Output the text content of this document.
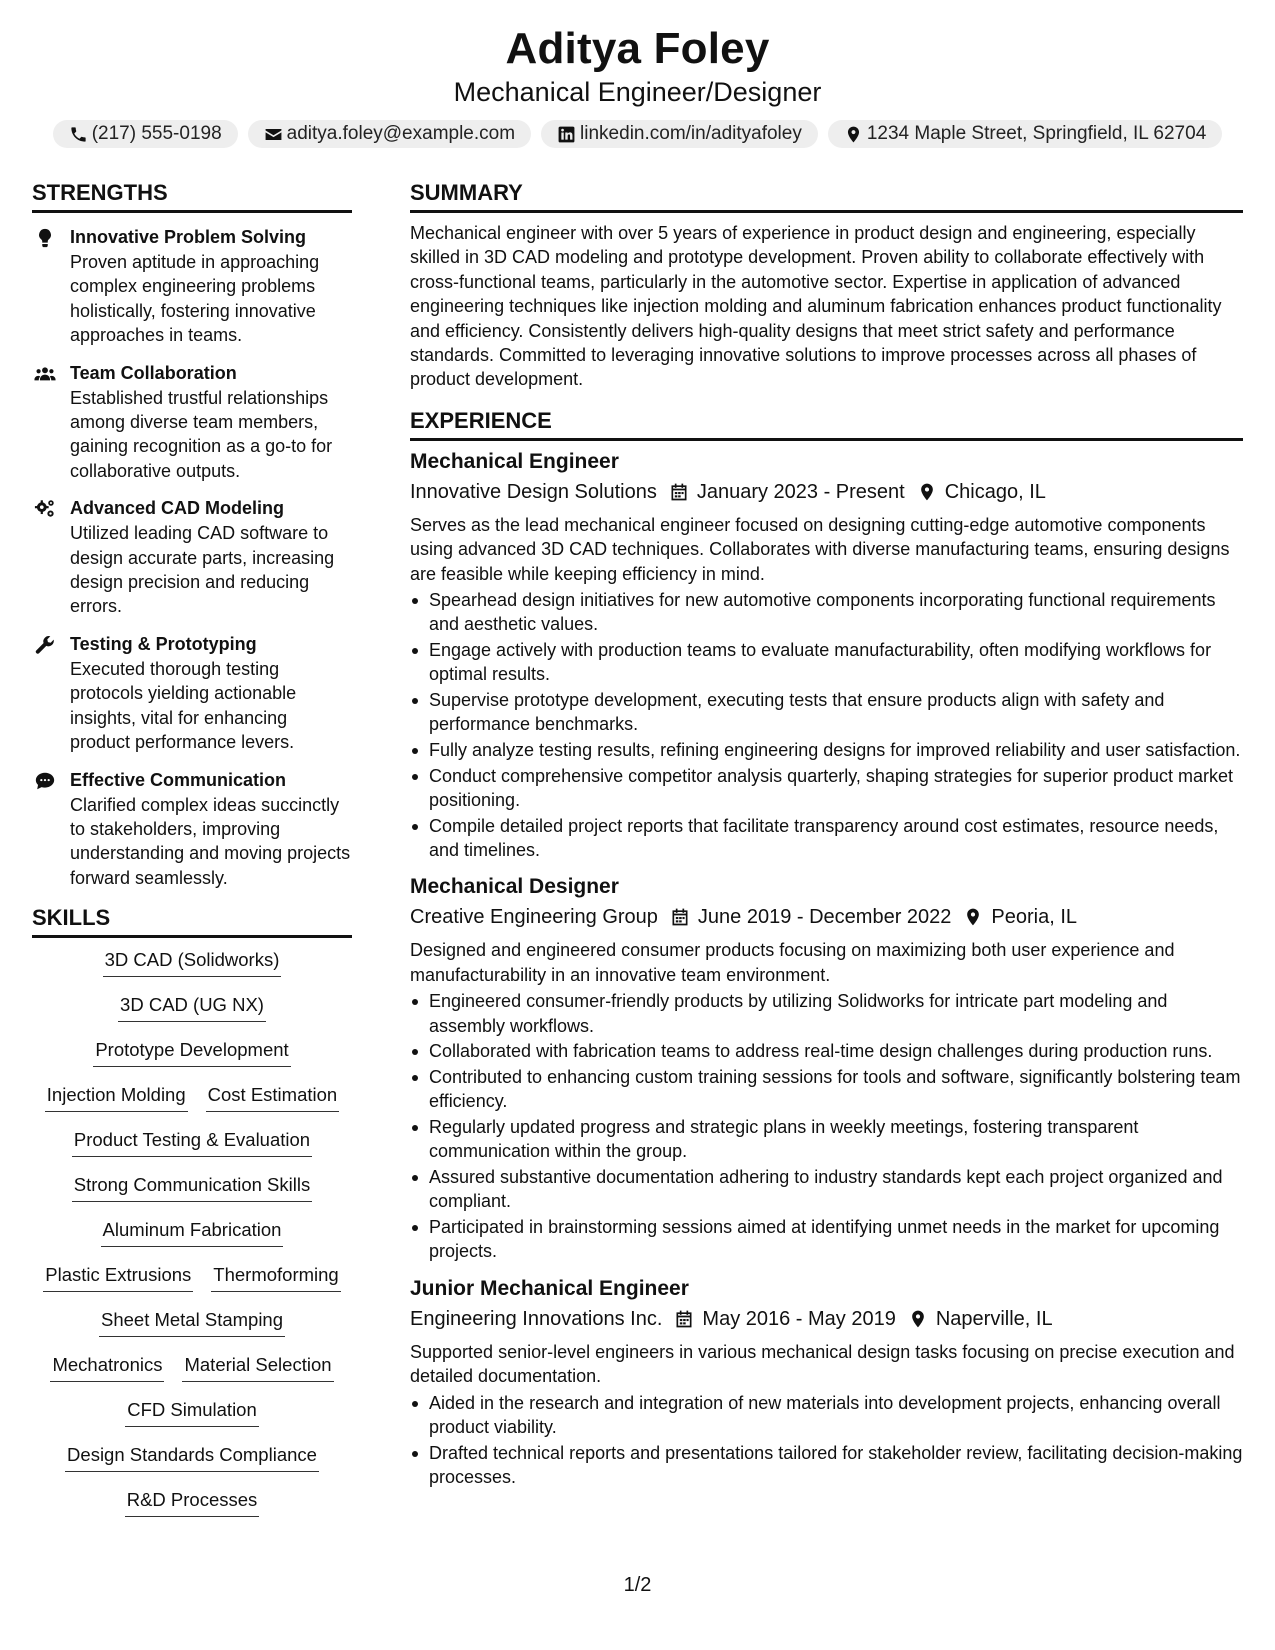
Aditya Foley
Mechanical Engineer/Designer
(217) 555-0198	aditya.foley@example.com	linkedin.com/in/adityafoley	1234 Maple Street, Springfield, IL 62704
STRENGTHS
Innovative Problem Solving
Proven aptitude in approaching complex engineering problems holistically, fostering innovative approaches in teams.
Team Collaboration
Established trustful relationships among diverse team members, gaining recognition as a go-to for collaborative outputs.
Advanced CAD Modeling
Utilized leading CAD software to design accurate parts, increasing design precision and reducing errors.
Testing & Prototyping
Executed thorough testing protocols yielding actionable insights, vital for enhancing product performance levers.
Effective Communication
Clarified complex ideas succinctly to stakeholders, improving understanding and moving projects forward seamlessly.
SKILLS
3D CAD (Solidworks)
3D CAD (UG NX)
Prototype Development
Injection Molding Cost Estimation
Product Testing & Evaluation
Strong Communication Skills
Aluminum Fabrication
Plastic Extrusions Thermoforming
Sheet Metal Stamping
Mechatronics Material Selection
CFD Simulation
Design Standards Compliance
R&D Processes
SUMMARY
Mechanical engineer with over 5 years of experience in product design and engineering, especially skilled in 3D CAD modeling and prototype development. Proven ability to collaborate effectively with cross-functional teams, particularly in the automotive sector. Expertise in application of advanced engineering techniques like injection molding and aluminum fabrication enhances product functionality and efficiency. Consistently delivers high-quality designs that meet strict safety and performance standards. Committed to leveraging innovative solutions to improve processes across all phases of product development.
EXPERIENCE
Mechanical Engineer
Innovative Design Solutions January 2023 - Present Chicago, IL
Serves as the lead mechanical engineer focused on designing cutting-edge automotive components using advanced 3D CAD techniques. Collaborates with diverse manufacturing teams, ensuring designs are feasible while keeping efficiency in mind.
Spearhead design initiatives for new automotive components incorporating functional requirements and aesthetic values.
Engage actively with production teams to evaluate manufacturability, often modifying workflows for optimal results.
Supervise prototype development, executing tests that ensure products align with safety and performance benchmarks.
Fully analyze testing results, refining engineering designs for improved reliability and user satisfaction.
Conduct comprehensive competitor analysis quarterly, shaping strategies for superior product market positioning.
Compile detailed project reports that facilitate transparency around cost estimates, resource needs, and timelines.
Mechanical Designer
Creative Engineering Group June 2019 - December 2022 Peoria, IL
Designed and engineered consumer products focusing on maximizing both user experience and manufacturability in an innovative team environment.
Engineered consumer-friendly products by utilizing Solidworks for intricate part modeling and assembly workflows.
Collaborated with fabrication teams to address real-time design challenges during production runs.
Contributed to enhancing custom training sessions for tools and software, significantly bolstering team efficiency.
Regularly updated progress and strategic plans in weekly meetings, fostering transparent communication within the group.
Assured substantive documentation adhering to industry standards kept each project organized and compliant.
Participated in brainstorming sessions aimed at identifying unmet needs in the market for upcoming projects.
Junior Mechanical Engineer
Engineering Innovations Inc. May 2016 - May 2019 Naperville, IL
Supported senior-level engineers in various mechanical design tasks focusing on precise execution and detailed documentation.
Aided in the research and integration of new materials into development projects, enhancing overall product viability.
Drafted technical reports and presentations tailored for stakeholder review, facilitating decision-making processes.
1/2
